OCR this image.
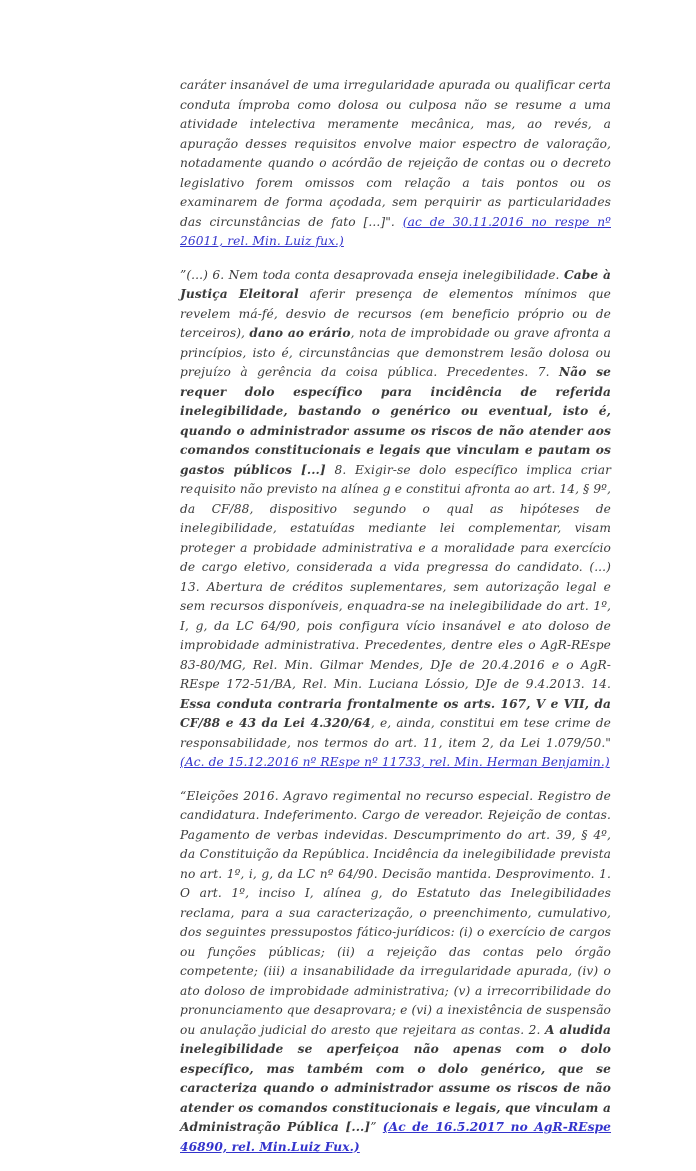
caráter insanável de uma irregularidade apurada ou qualificar certa conduta ímproba como dolosa ou culposa não se resume a uma atividade intelectiva meramente mecânica, mas, ao revés, a apuração desses requisitos envolve maior espectro de valoração, notadamente quando o acórdão de rejeição de contas ou o decreto legislativo forem omissos com relação a tais pontos ou os examinarem de forma açodada, sem perquirir as particularidades das circunstâncias de fato [...]". (ac de 30.11.2016 no respe nº 26011, rel. Min. Luiz fux.)

”(...) 6. Nem toda conta desaprovada enseja inelegibilidade. Cabe à Justiça Eleitoral aferir presença de elementos mínimos que revelem má-fé, desvio de recursos (em beneficio próprio ou de terceiros), dano ao erário, nota de improbidade ou grave afronta a princípios, isto é, circunstâncias que demonstrem lesão dolosa ou prejuízo à gerência da coisa pública. Precedentes. 7. Não se requer dolo específico para incidência de referida inelegibilidade, bastando o genérico ou eventual, isto é, quando o administrador assume os riscos de não atender aos comandos constitucionais e legais que vinculam e pautam os gastos públicos [...] 8. Exigir-se dolo específico implica criar requisito não previsto na alínea g e constitui afronta ao art. 14, § 9º, da CF/88, dispositivo segundo o qual as hipóteses de inelegibilidade, estatuídas mediante lei complementar, visam proteger a probidade administrativa e a moralidade para exercício de cargo eletivo, considerada a vida pregressa do candidato. (...) 13. Abertura de créditos suplementares, sem autorização legal e sem recursos disponíveis, enquadra-se na inelegibilidade do art. 1º, I, g, da LC 64/90, pois configura vício insanável e ato doloso de improbidade administrativa. Precedentes, dentre eles o AgR-REspe 83-80/MG, Rel. Min. Gilmar Mendes, DJe de 20.4.2016 e o AgR-REspe 172-51/BA, Rel. Min. Luciana Lóssio, DJe de 9.4.2013. 14. Essa conduta contraria frontalmente os arts. 167, V e VII, da CF/88 e 43 da Lei 4.320/64, e, ainda, constitui em tese crime de responsabilidade, nos termos do art. 11, item 2, da Lei 1.079/50." (Ac. de 15.12.2016 nº REspe nº 11733, rel. Min. Herman Benjamin.)

“Eleições 2016. Agravo regimental no recurso especial. Registro de candidatura. Indeferimento. Cargo de vereador. Rejeição de contas. Pagamento de verbas indevidas. Descumprimento do art. 39, § 4º, da Constituição da República. Incidência da inelegibilidade prevista no art. 1º, i, g, da LC nº 64/90. Decisão mantida. Desprovimento. 1. O art. 1º, inciso I, alínea g, do Estatuto das Inelegibilidades reclama, para a sua caracterização, o preenchimento, cumulativo, dos seguintes pressupostos fático-jurídicos: (i) o exercício de cargos ou funções públicas; (ii) a rejeição das contas pelo órgão competente; (iii) a insanabilidade da irregularidade apurada, (iv) o ato doloso de improbidade administrativa; (v) a irrecorribilidade do pronunciamento que desaprovara; e (vi) a inexistência de suspensão ou anulação judicial do aresto que rejeitara as contas. 2. A aludida inelegibilidade se aperfeiçoa não apenas com o dolo específico, mas também com o dolo genérico, que se caracteriza quando o administrador assume os riscos de não atender os comandos constitucionais e legais, que vinculam a Administração Pública [...]” (Ac de 16.5.2017 no AgR-REspe 46890, rel. Min.Luiz Fux.)
